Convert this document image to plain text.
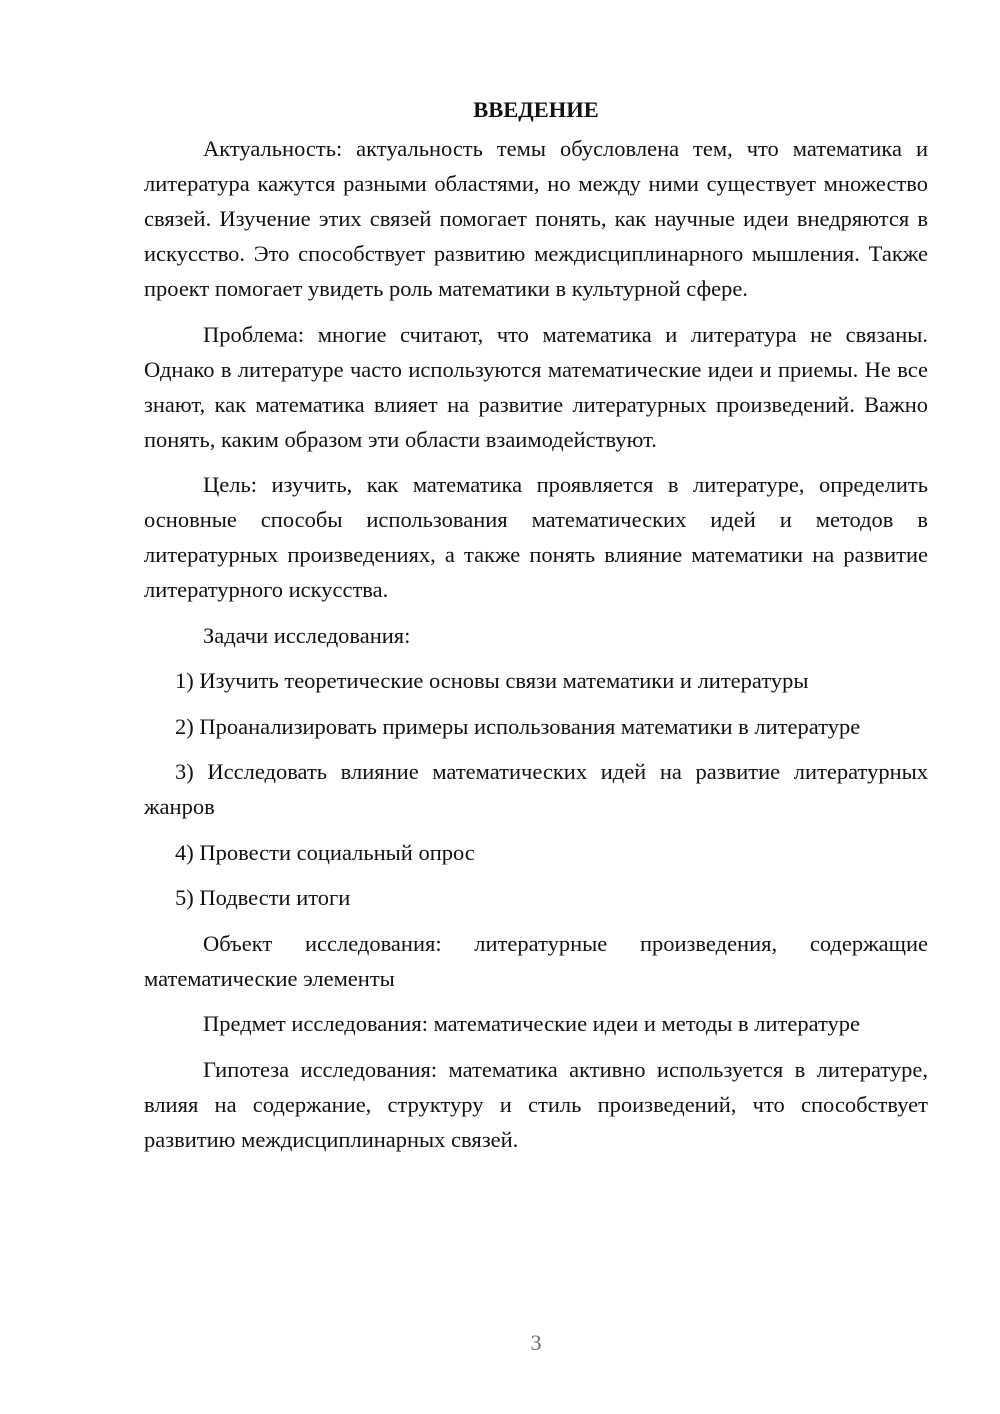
ВВЕДЕНИЕ

Актуальность: актуальность темы обусловлена тем, что математика и литература кажутся разными областями, но между ними существует множество связей. Изучение этих связей помогает понять, как научные идеи внедряются в искусство. Это способствует развитию междисциплинарного мышления. Также проект помогает увидеть роль математики в культурной сфере.

Проблема: многие считают, что математика и литература не связаны. Однако в литературе часто используются математические идеи и приемы. Не все знают, как математика влияет на развитие литературных произведений. Важно понять, каким образом эти области взаимодействуют.

Цель: изучить, как математика проявляется в литературе, определить основные способы использования математических идей и методов в литературных произведениях, а также понять влияние математики на развитие литературного искусства.

Задачи исследования:

1) Изучить теоретические основы связи математики и литературы

2) Проанализировать примеры использования математики в литературе

3) Исследовать влияние математических идей на развитие литературных жанров

4) Провести социальный опрос

5) Подвести итоги

Объект исследования: литературные произведения, содержащие математические элементы

Предмет исследования: математические идеи и методы в литературе

Гипотеза исследования: математика активно используется в литературе, влияя на содержание, структуру и стиль произведений, что способствует развитию междисциплинарных связей.

3
